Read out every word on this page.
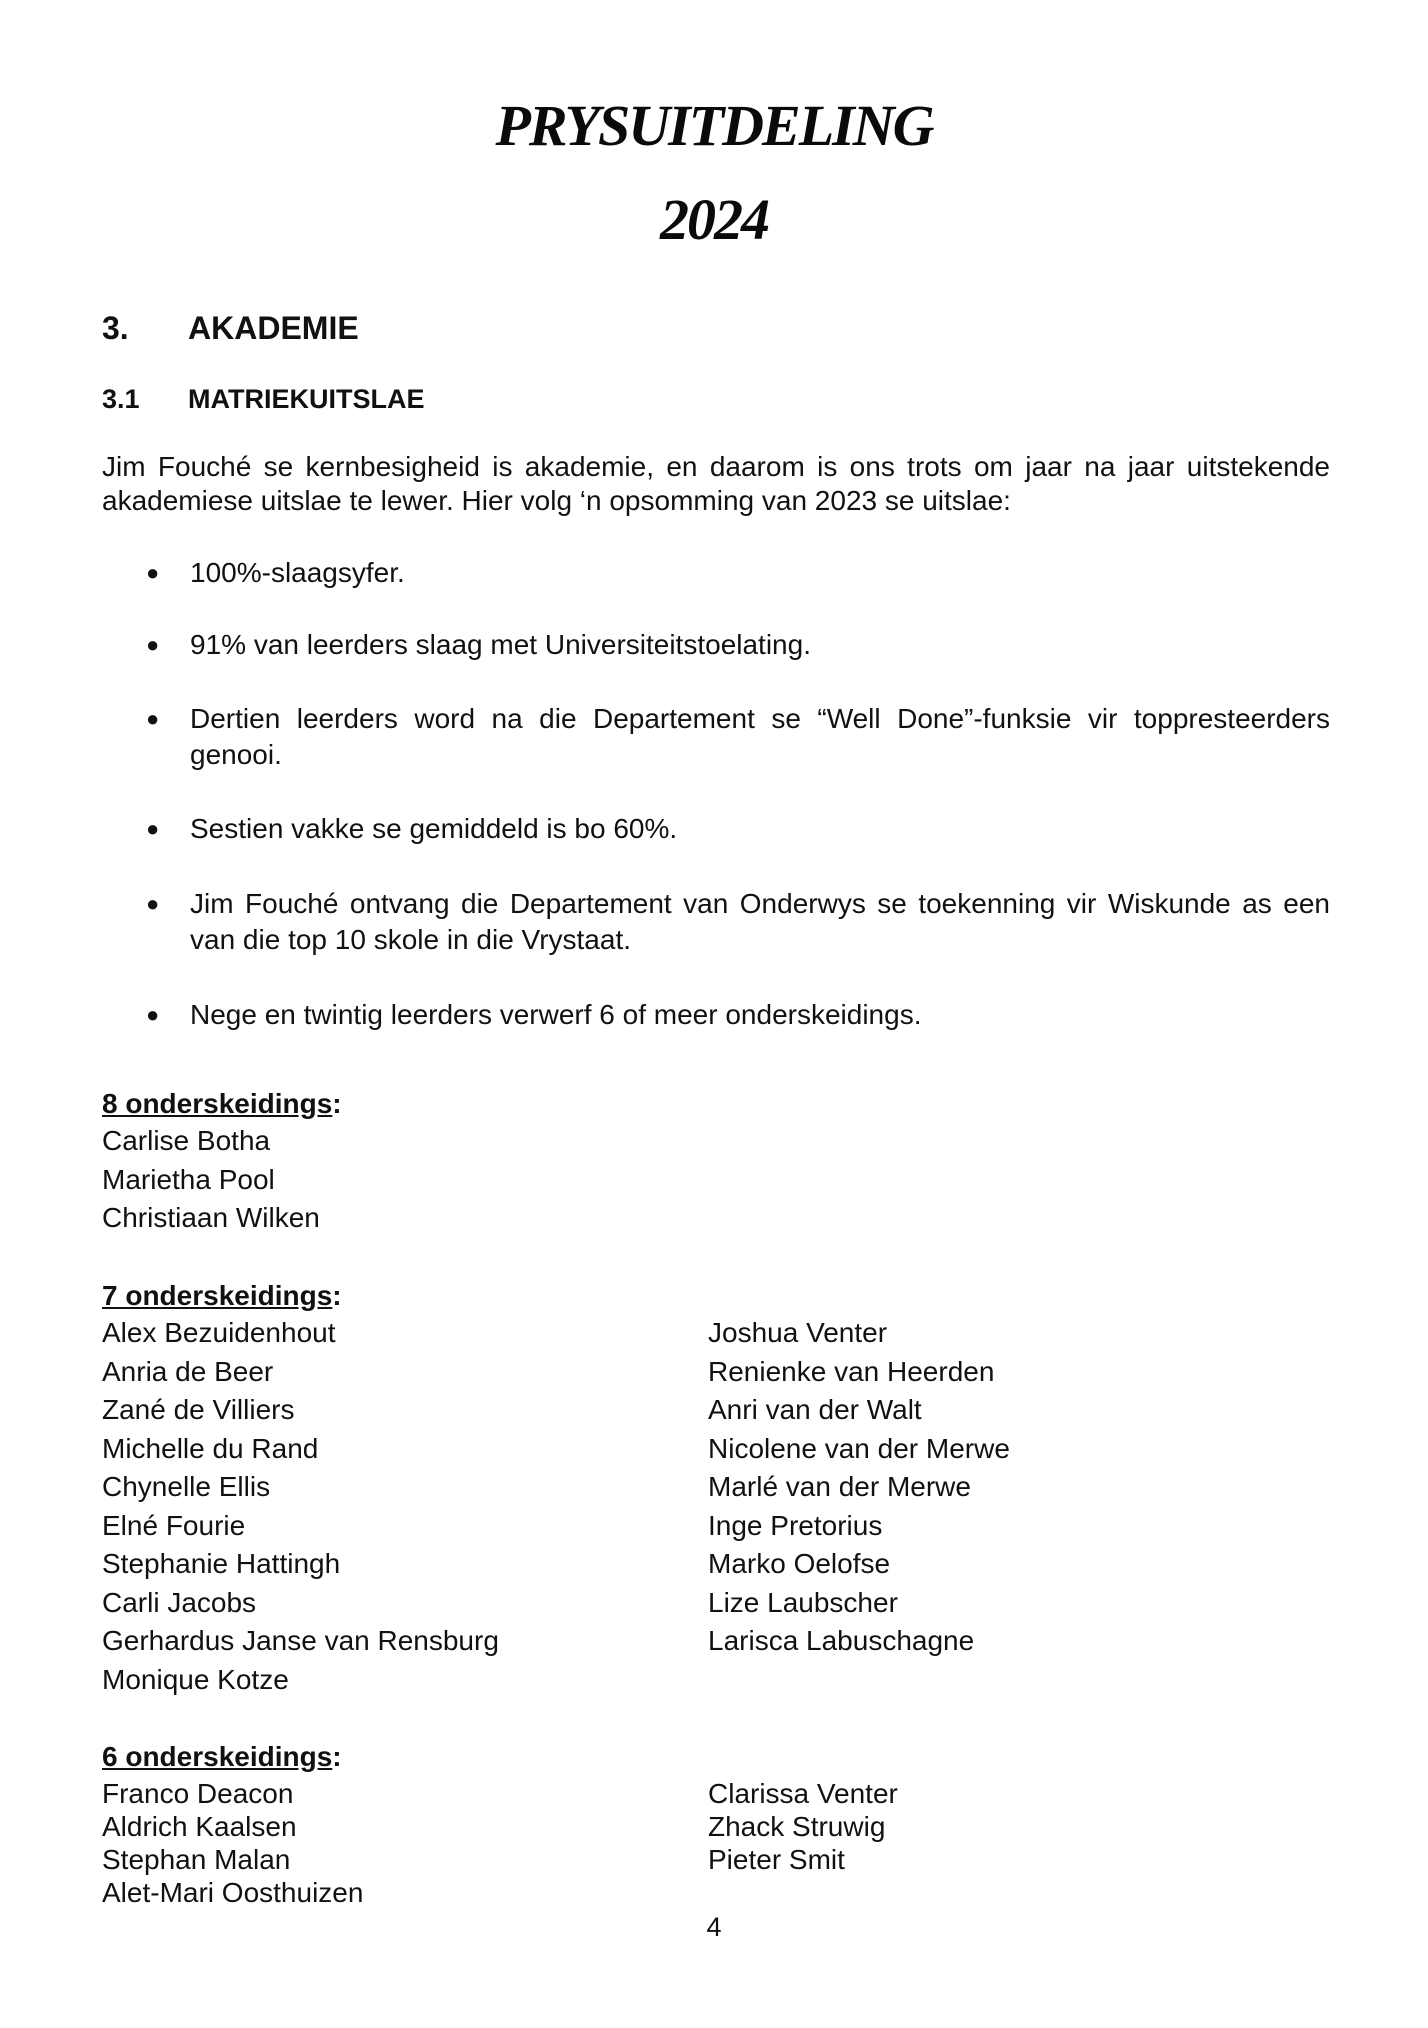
PRYSUITDELING
2024
3. AKADEMIE
3.1 MATRIEKUITSLAE

Jim Fouché se kernbesigheid is akademie, en daarom is ons trots om jaar na jaar uitstekende akademiese uitslae te lewer. Hier volg ‘n opsomming van 2023 se uitslae:

● 100%-slaagsyfer.
● 91% van leerders slaag met Universiteitstoelating.
● Dertien leerders word na die Departement se “Well Done”-funksie vir toppresteerders genooi.
● Sestien vakke se gemiddeld is bo 60%.
● Jim Fouché ontvang die Departement van Onderwys se toekenning vir Wiskunde as een van die top 10 skole in die Vrystaat.
● Nege en twintig leerders verwerf 6 of meer onderskeidings.

8 onderskeidings:

Carlise Botha
Marietha Pool
Christiaan Wilken

7 onderskeidings:

Alex Bezuidenhout
Anria de Beer
Zané de Villiers
Michelle du Rand
Chynelle Ellis
Elné Fourie
Stephanie Hattingh
Carli Jacobs
Gerhardus Janse van Rensburg
Monique Kotze
Joshua Venter
Renienke van Heerden
Anri van der Walt
Nicolene van der Merwe
Marlé van der Merwe
Inge Pretorius
Marko Oelofse
Lize Laubscher
Larisca Labuschagne

6 onderskeidings:

Franco Deacon
Aldrich Kaalsen
Stephan Malan
Alet-Mari Oosthuizen
Clarissa Venter
Zhack Struwig
Pieter Smit
4
